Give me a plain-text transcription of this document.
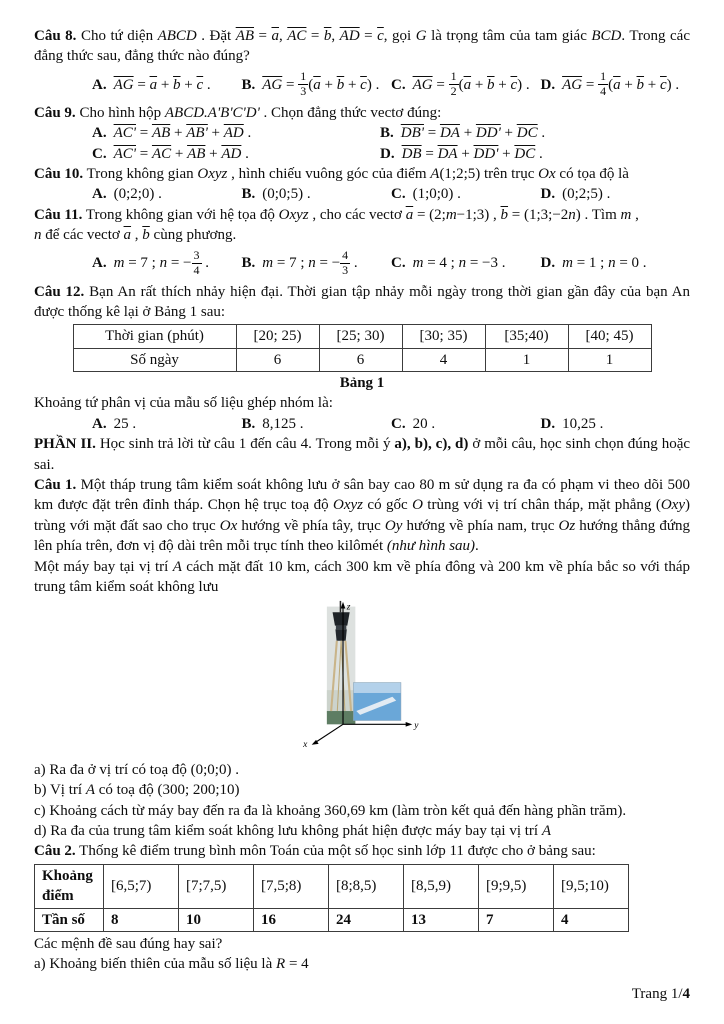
Câu 8. Cho tứ diện ABCD . Đặt $\overline{AB} = \overline{a}$, $\overline{AC} = \overline{b}$, $\overline{AD} = \overline{c}$, gọi G là trọng tâm của tam giác BCD. Trong các đẳng thức sau, đẳng thức nào đúng?

A. $\overline{AG} = \overline{a} + \overline{b} + \overline{c}$ .	B. $\overline{AG} = \frac{1}{3} (\overline{a} + \overline{b} + \overline{c})$ . C. $\overline{AG} = \frac{1}{2} (\overline{a} + \overline{b} + \overline{c})$ . D. $\overline{AG} = \frac{1}{4} (\overline{a} + \overline{b} + \overline{c})$ .

Câu 9. Cho hình hộp ABCD.A'B'C'D' . Chọn đẳng thức vectơ đúng:

A. $AC' = \overline{AB} + AB' + \overline{AD}$ .	B. $DB' = \overline{DA} + DD' + \overline{DC}$ .
C. $AC' = \overline{AC} + \overline{AB} + \overline{AD}$ .	D. $\overline{DB} = \overline{DA} + DD' + \overline{DC}$ .

Câu 10. Trong không gian Oxyz , hình chiếu vuông góc của điểm A(1;2;5) trên trục Ox có tọa độ là

A. (0;2;0) .	B. (0;0;5) .	C. (1;0;0) .	D. (0;2;5) .

Câu 11. Trong không gian với hệ tọa độ Oxyz , cho các vectơ $\overline{a}$ = (2;m−1;3) , $\overline{b}$ = (1;3;−2n) . Tìm m ,

n để các vectơ $\overline{a}$ , $\overline{b}$ cùng phương.

A. m = 7 ; n = − $\frac{3}{4}$ .	B. m = 7 ; n = − $\frac{4}{3}$ .	C. m = 4 ; n = −3 .	D. m = 1 ; n = 0 .

Câu 12. Bạn An rất thích nhảy hiện đại. Thời gian tập nhảy mỗi ngày trong thời gian gần đây của bạn An được thống kê lại ở Bảng 1 sau:

Thời gian (phút)	[20; 25)	[25; 30)	[30; 35)	[35;40)	[40; 45)
Số ngày	6	6	4	1	1
Bảng 1

Khoảng tứ phân vị của mẫu số liệu ghép nhóm là:

A. 25 .	B. 8,125 .	C. 20 .	D. 10,25 .

PHẦN II. Học sinh trả lời từ câu 1 đến câu 4. Trong mỗi ý a), b), c), d) ở mỗi câu, học sinh chọn đúng hoặc sai.

Câu 1. Một tháp trung tâm kiểm soát không lưu ở sân bay cao 80 m sử dụng ra đa có phạm vi theo dõi 500 km được đặt trên đỉnh tháp. Chọn hệ trục toạ độ Oxyz có gốc O trùng với vị trí chân tháp, mặt phẳng (Oxy) trùng với mặt đất sao cho trục Ox hướng về phía tây, trục Oy hướng về phía nam, trục Oz hướng thẳng đứng lên phía trên, đơn vị độ dài trên mỗi trục tính theo kilômét (như hình sau).

Một máy bay tại vị trí A cách mặt đất 10 km, cách 300 km về phía đông và 200 km về phía bắc so với tháp trung tâm kiểm soát không lưu

z
y
x

a) Ra đa ở vị trí có toạ độ (0;0;0) .

b) Vị trí A có toạ độ (300; 200;10)

c) Khoảng cách từ máy bay đến ra đa là khoảng 360,69 km (làm tròn kết quả đến hàng phần trăm).

d) Ra đa của trung tâm kiểm soát không lưu không phát hiện được máy bay tại vị trí A

Câu 2. Thống kê điểm trung bình môn Toán của một số học sinh lớp 11 được cho ở bảng sau:

Khoảng điểm	[6,5;7)	[7;7,5)	[7,5;8)	[8;8,5)	[8,5,9)	[9;9,5)	[9,5;10)
Tần số	8	10	16	24	13	7	4

Các mệnh đề sau đúng hay sai?

a) Khoảng biến thiên của mẫu số liệu là R = 4

Trang 1/4
